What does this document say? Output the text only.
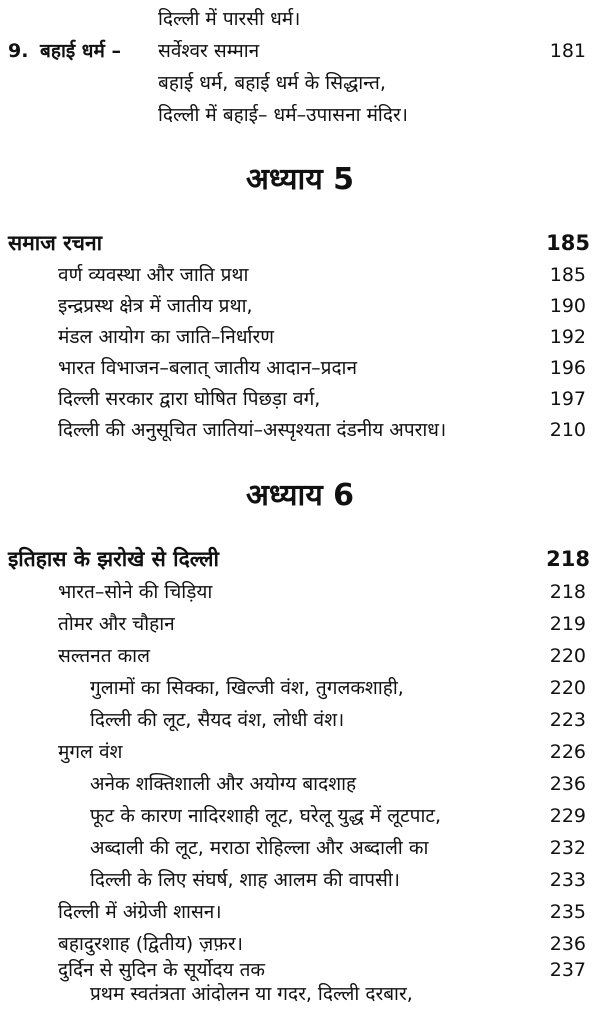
दिल्ली में पारसी धर्म।
9. बहाई धर्म – सर्वेश्वर सम्मान	181
बहाई धर्म, बहाई धर्म के सिद्धान्त,
दिल्ली में बहाई– धर्म–उपासना मंदिर।
अध्याय 5
समाज रचना	185
वर्ण व्यवस्था और जाति प्रथा	185
इन्द्रप्रस्थ क्षेत्र में जातीय प्रथा,	190
मंडल आयोग का जाति–निर्धारण	192
भारत विभाजन–बलात् जातीय आदान–प्रदान	196
दिल्ली सरकार द्वारा घोषित पिछड़ा वर्ग,	197
दिल्ली की अनुसूचित जातियां–अस्पृश्यता दंडनीय अपराध।	210
अध्याय 6
इतिहास के झरोखे से दिल्ली	218
भारत–सोने की चिड़िया	218
तोमर और चौहान	219
सल्तनत काल	220
गुलामों का सिक्का, खिल्जी वंश, तुगलकशाही,	220
दिल्ली की लूट, सैयद वंश, लोधी वंश।	223
मुगल वंश	226
अनेक शक्तिशाली और अयोग्य बादशाह	236
फूट के कारण नादिरशाही लूट, घरेलू युद्ध में लूटपाट,	229
अब्दाली की लूट, मराठा रोहिल्ला और अब्दाली का	232
दिल्ली के लिए संघर्ष, शाह आलम की वापसी।	233
दिल्ली में अंग्रेजी शासन।	235
बहादुरशाह (द्वितीय) ज़फ़र।	236
दुर्दिन से सुदिन के सूर्योदय तक	237
प्रथम स्वतंत्रता आंदोलन या गदर, दिल्ली दरबार,
